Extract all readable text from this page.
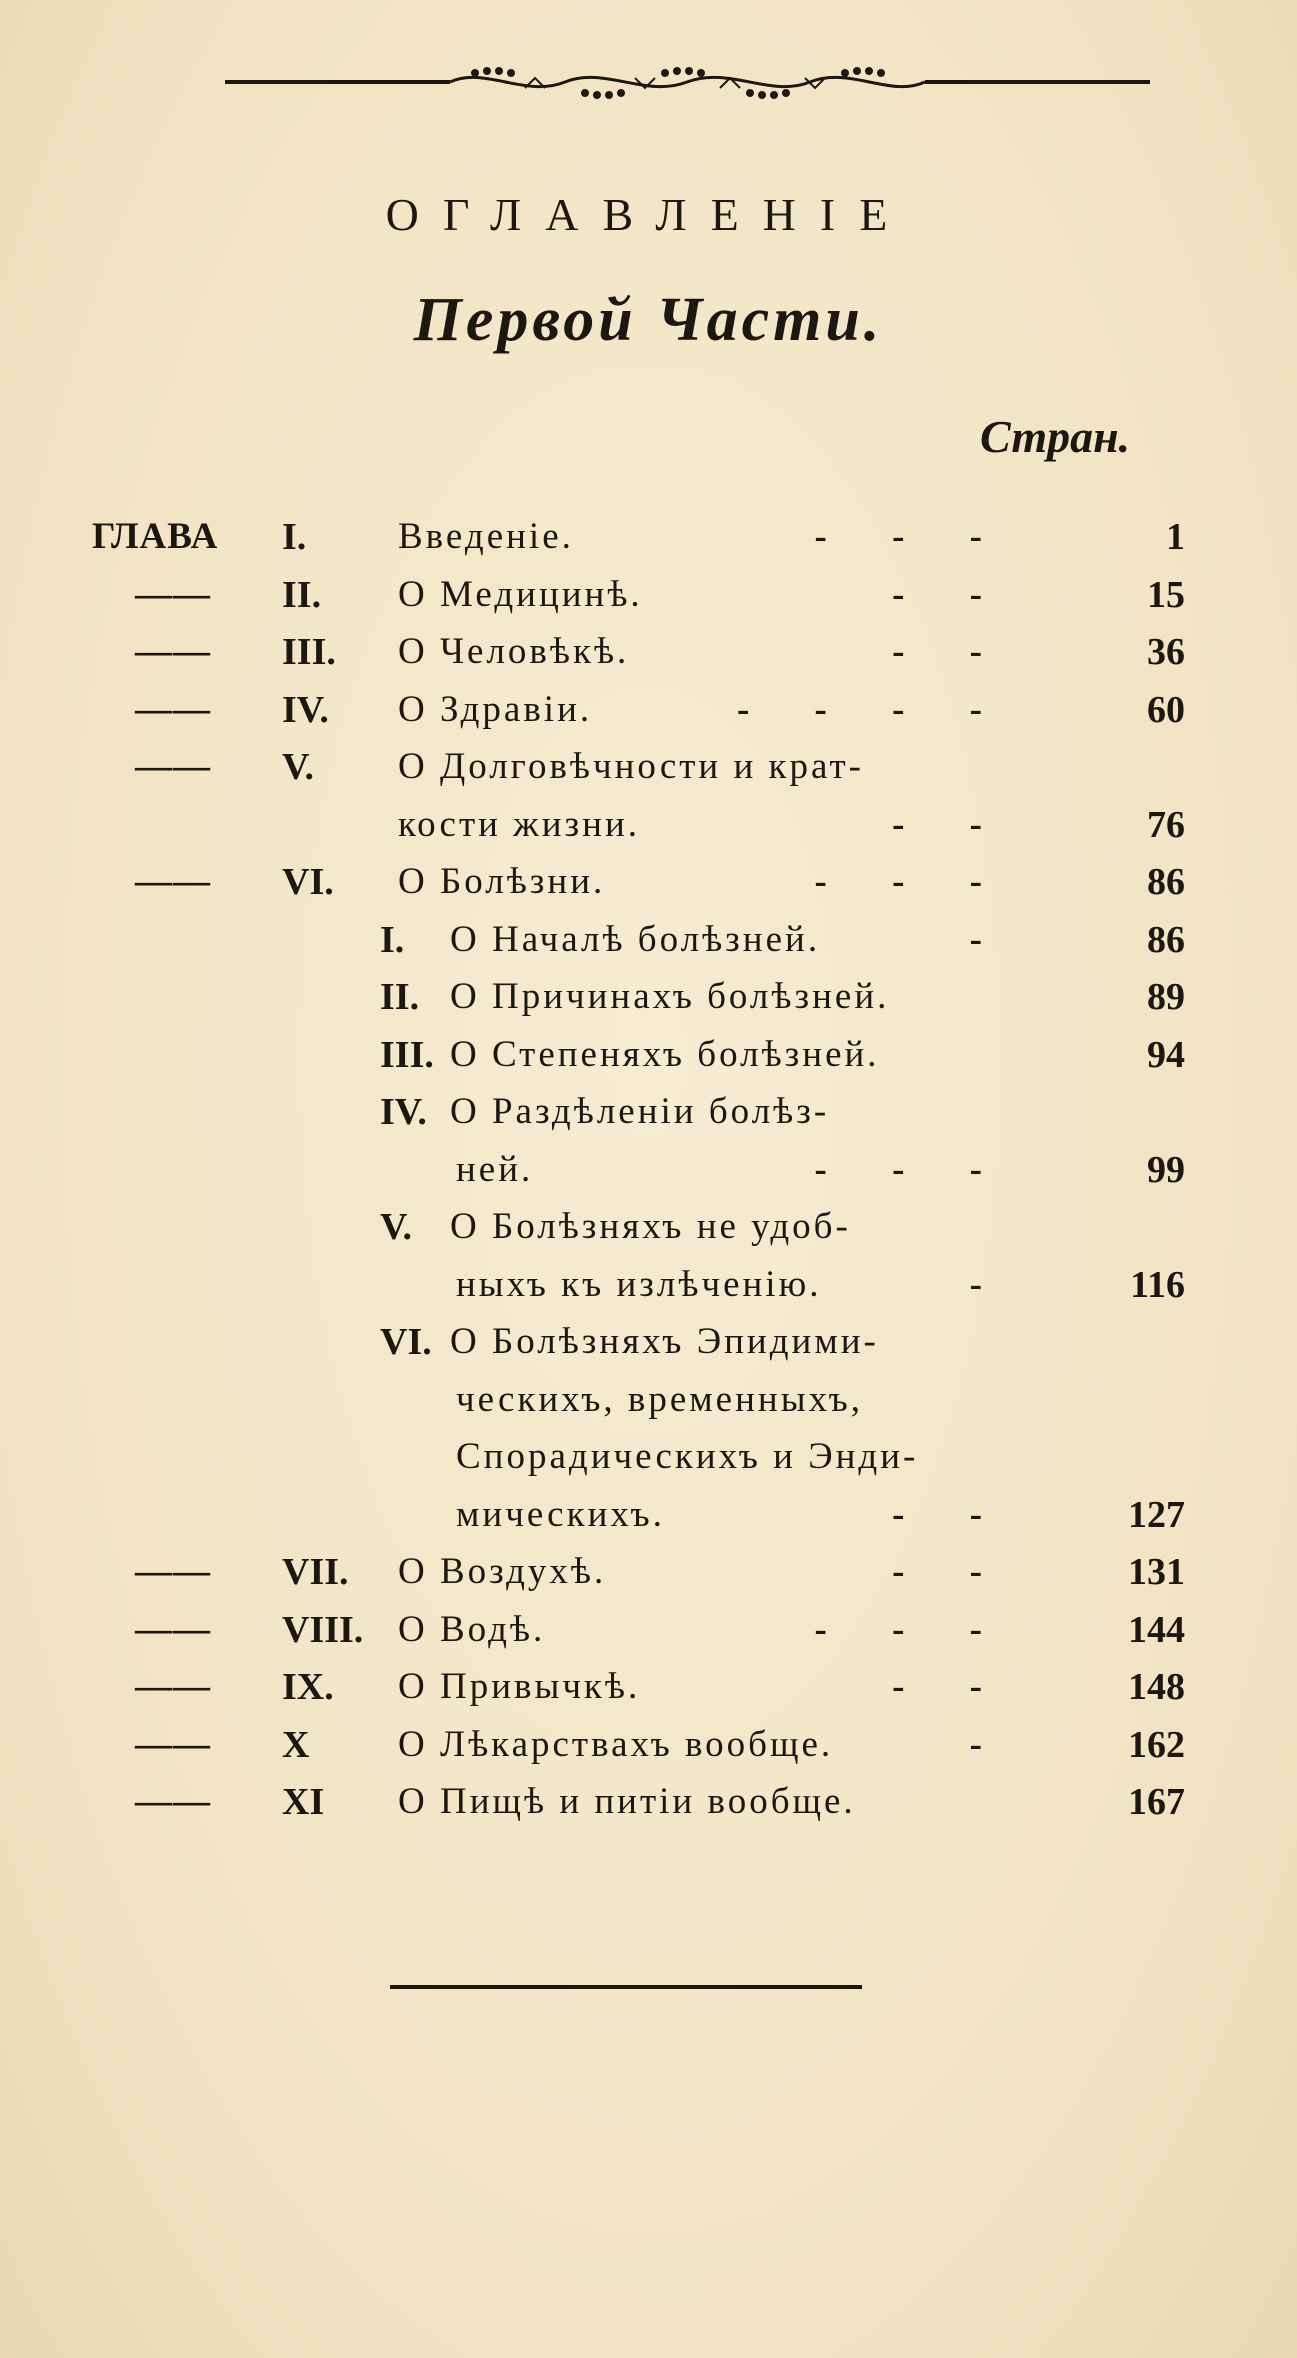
ОГЛАВЛЕНІЕ
Первой Части.
Стран.
ГЛАВА I. Введеніе.	- - -	1
—— II. О Медицинѣ.	- -	15
—— III. О Человѣкѣ.	- -	36
—— IV. О Здравіи.	- - - -	60
—— V. О Долговѣчности и крат-
кости жизни.	- -	76
—— VI. О Болѣзни.	- - -	86
I. О Началѣ болѣзней.	-	86
II. О Причинахъ болѣзней.	89
III. О Степеняхъ болѣзней.	94
IV. О Раздѣленіи болѣз-
ней.	- - -	99
V. О Болѣзняхъ не удоб-
ныхъ къ излѣченію.	-	116
VI. О Болѣзняхъ Эпидими-
ческихъ, временныхъ,
Спорадическихъ и Энди-
мическихъ.	- -	127
—— VII. О Воздухѣ.	- -	131
—— VIII. О Водѣ.	- - -	144
—— IX. О Привычкѣ.	- -	148
—— X О Лѣкарствахъ вообще.	-	162
—— XI О Пищѣ и питіи вообще.	167
